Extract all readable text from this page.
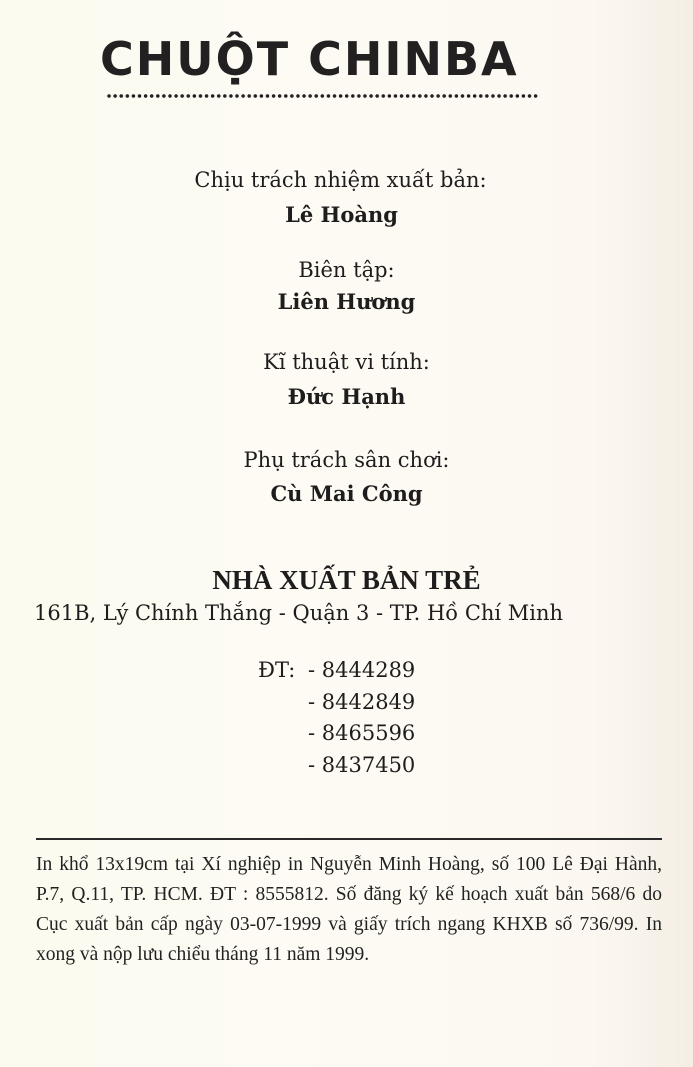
CHUỘT CHINBA
Chịu trách nhiệm xuất bản:
Lê Hoàng
Biên tập:
Liên Hương
Kĩ thuật vi tính:
Đức Hạnh
Phụ trách sân chơi:
Cù Mai Công
NHÀ XUẤT BẢN TRẺ
161B, Lý Chính Thắng - Quận 3 - TP. Hồ Chí Minh
ĐT: - 8444289
- 8442849
- 8465596
- 8437450

In khổ 13x19cm tại Xí nghiệp in Nguyễn Minh Hoàng, số 100 Lê Đại Hành, P.7, Q.11, TP. HCM. ĐT : 8555812. Số đăng ký kế hoạch xuất bản 568/6 do Cục xuất bản cấp ngày 03-07-1999 và giấy trích ngang KHXB số 736/99. In xong và nộp lưu chiểu tháng 11 năm 1999.
